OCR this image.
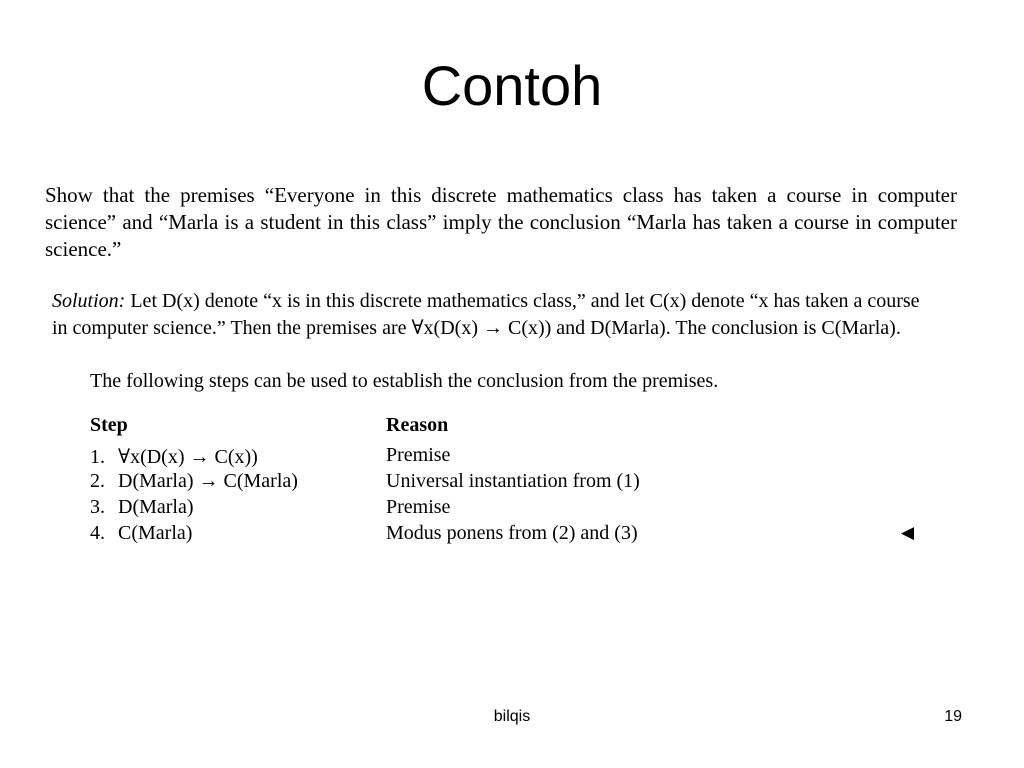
Contoh
Show that the premises “Everyone in this discrete mathematics class has taken a course in computer science” and “Marla is a student in this class” imply the conclusion “Marla has taken a course in computer science.”
Solution: Let D(x) denote “x is in this discrete mathematics class,” and let C(x) denote “x has taken a course in computer science.” Then the premises are ∀x(D(x) → C(x)) and D(Marla). The conclusion is C(Marla).
The following steps can be used to establish the conclusion from the premises.
Step	Reason
1. ∀x(D(x) → C(x))	Premise
2. D(Marla) → C(Marla)	Universal instantiation from (1)
3. D(Marla)	Premise
4. C(Marla)	Modus ponens from (2) and (3)	◀
bilqis	19
